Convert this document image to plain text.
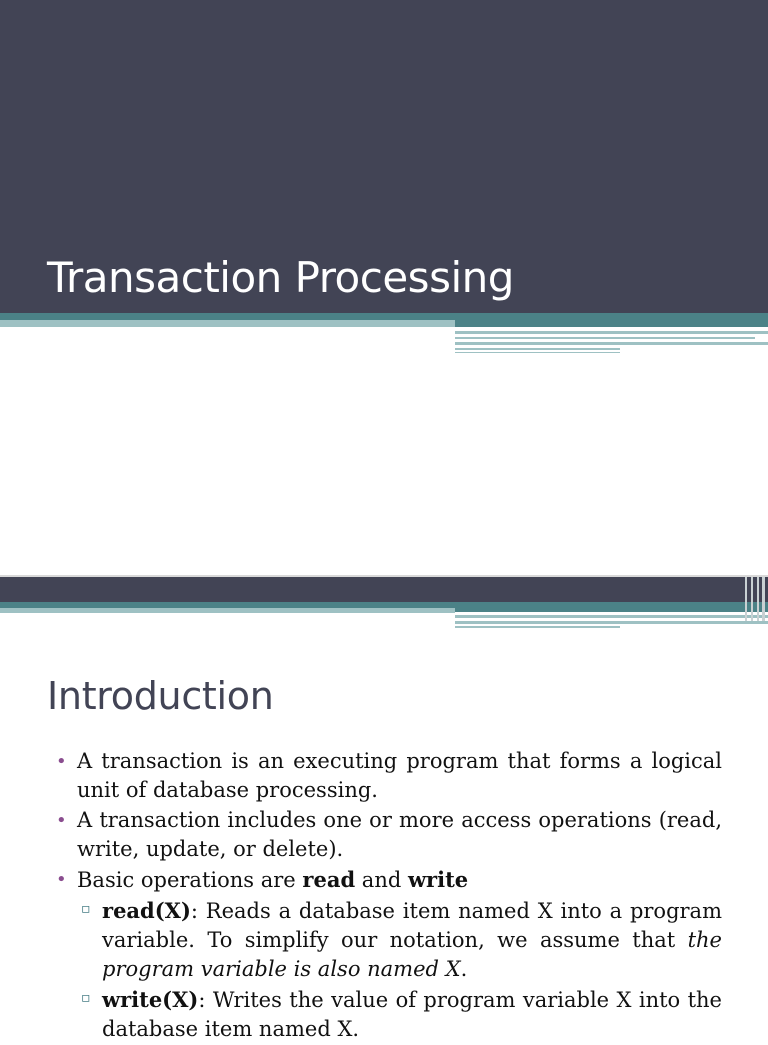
Transaction Processing
Introduction
• A transaction is an executing program that forms a logical unit of database processing.
• A transaction includes one or more access operations (read, write, update, or delete).
• Basic operations are read and write
▫ read(X): Reads a database item named X into a program variable. To simplify our notation, we assume that the program variable is also named X.
▫ write(X): Writes the value of program variable X into the database item named X.
